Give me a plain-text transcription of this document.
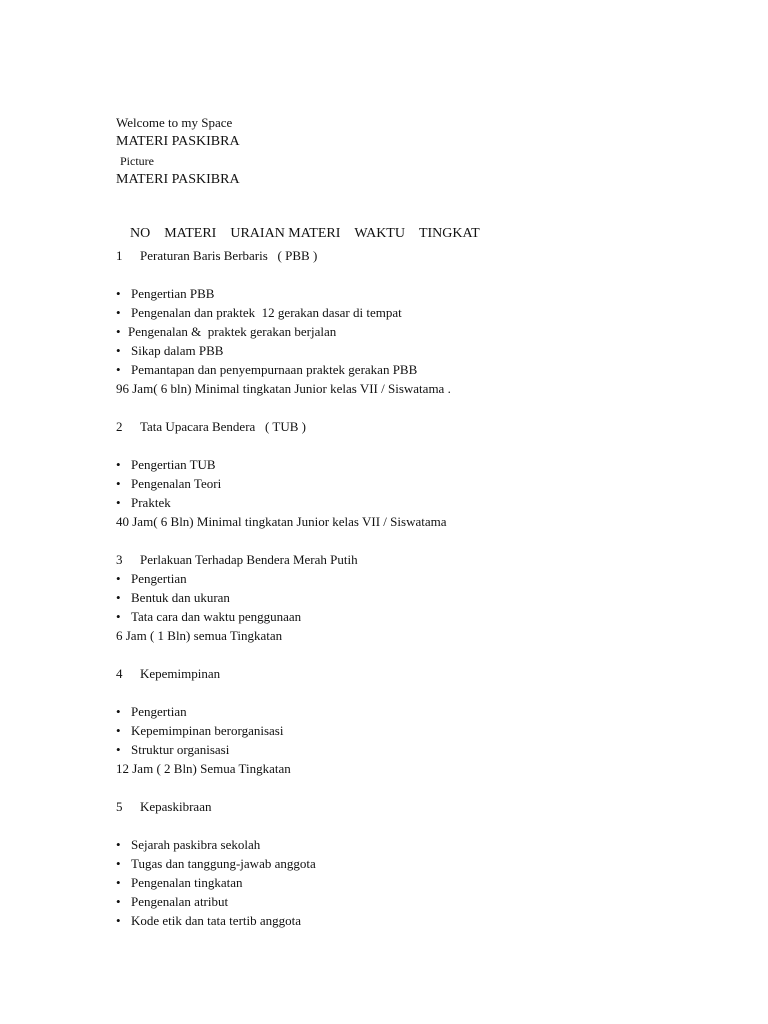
Welcome to my Space
MATERI PASKIBRA
Picture
MATERI PASKIBRA

NO MATERI URAIAN MATERI WAKTU TINGKAT

1 Peraturan Baris Berbaris   ( PBB )
• Pengertian PBB
• Pengenalan dan praktek  12 gerakan dasar di tempat
• Pengenalan &  praktek gerakan berjalan
• Sikap dalam PBB
• Pemantapan dan penyempurnaan praktek gerakan PBB
96 Jam( 6 bln) Minimal tingkatan Junior kelas VII / Siswatama .
2 Tata Upacara Bendera   ( TUB )
• Pengertian TUB
• Pengenalan Teori
• Praktek
40 Jam( 6 Bln) Minimal tingkatan Junior kelas VII / Siswatama
3 Perlakuan Terhadap Bendera Merah Putih
• Pengertian
• Bentuk dan ukuran
• Tata cara dan waktu penggunaan
6 Jam ( 1 Bln) semua Tingkatan
4 Kepemimpinan
• Pengertian
• Kepemimpinan berorganisasi
• Struktur organisasi
12 Jam ( 2 Bln) Semua Tingkatan
5 Kepaskibraan
• Sejarah paskibra sekolah
• Tugas dan tanggung-jawab anggota
• Pengenalan tingkatan
• Pengenalan atribut
• Kode etik dan tata tertib anggota
